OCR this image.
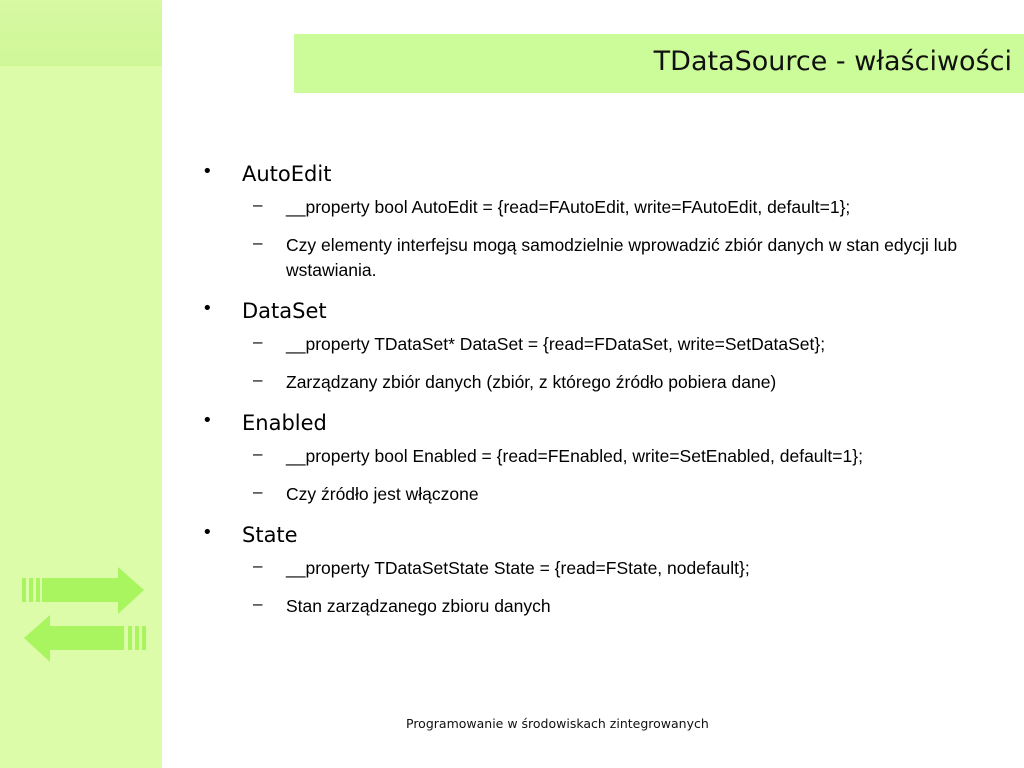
TDataSource - właściwości
•	AutoEdit
–	__property bool AutoEdit = {read=FAutoEdit, write=FAutoEdit, default=1};
–	Czy elementy interfejsu mogą samodzielnie wprowadzić zbiór danych w stan edycji lub wstawiania.
•	DataSet
–	__property TDataSet* DataSet = {read=FDataSet, write=SetDataSet};
–	Zarządzany zbiór danych (zbiór, z którego źródło pobiera dane)
•	Enabled
–	__property bool Enabled = {read=FEnabled, write=SetEnabled, default=1};
–	Czy źródło jest włączone
•	State
–	__property TDataSetState State = {read=FState, nodefault};
–	Stan zarządzanego zbioru danych
Programowanie w środowiskach zintegrowanych
